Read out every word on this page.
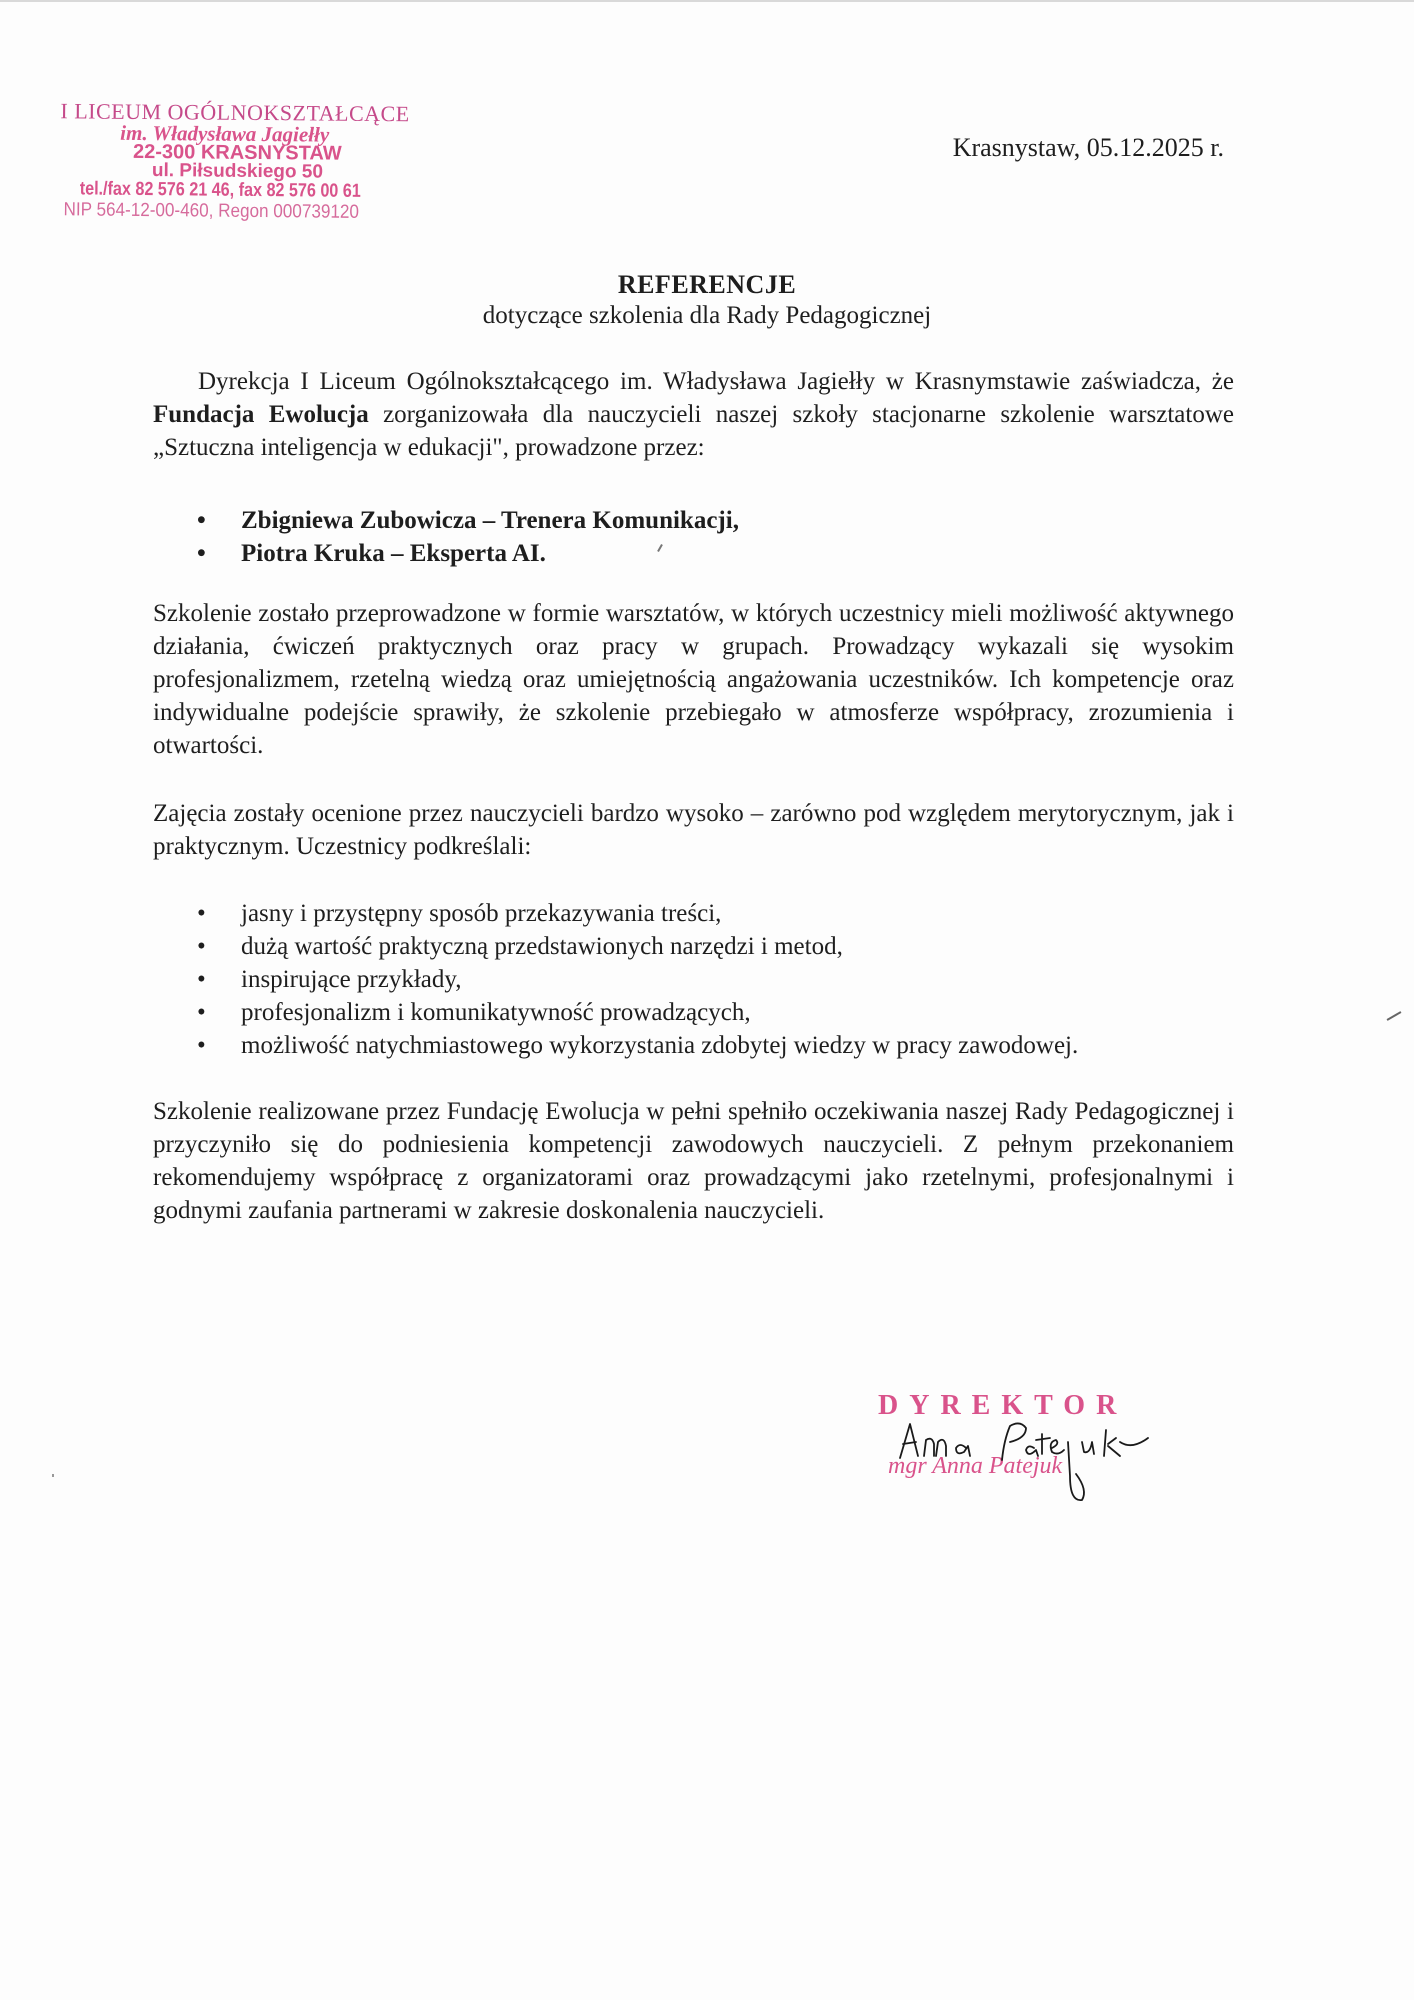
I LICEUM OGÓLNOKSZTAŁCĄCE
im. Władysława Jagiełły
22-300 KRASNYSTAW
ul. Piłsudskiego 50
tel./fax 82 576 21 46, fax 82 576 00 61
NIP 564-12-00-460, Regon 000739120
Krasnystaw, 05.12.2025 r.
REFERENCJE
dotyczące szkolenia dla Rady Pedagogicznej
Dyrekcja I Liceum Ogólnokształcącego im. Władysława Jagiełły w Krasnymstawie zaświadcza, że Fundacja Ewolucja zorganizowała dla nauczycieli naszej szkoły stacjonarne szkolenie warsztatowe „Sztuczna inteligencja w edukacji", prowadzone przez:
• Zbigniewa Zubowicza – Trenera Komunikacji,
• Piotra Kruka – Eksperta AI.
Szkolenie zostało przeprowadzone w formie warsztatów, w których uczestnicy mieli możliwość aktywnego działania, ćwiczeń praktycznych oraz pracy w grupach. Prowadzący wykazali się wysokim profesjonalizmem, rzetelną wiedzą oraz umiejętnością angażowania uczestników. Ich kompetencje oraz indywidualne podejście sprawiły, że szkolenie przebiegało w atmosferze współpracy, zrozumienia i otwartości.
Zajęcia zostały ocenione przez nauczycieli bardzo wysoko – zarówno pod względem merytorycznym, jak i praktycznym. Uczestnicy podkreślali:
• jasny i przystępny sposób przekazywania treści,
• dużą wartość praktyczną przedstawionych narzędzi i metod,
• inspirujące przykłady,
• profesjonalizm i komunikatywność prowadzących,
• możliwość natychmiastowego wykorzystania zdobytej wiedzy w pracy zawodowej.
Szkolenie realizowane przez Fundację Ewolucja w pełni spełniło oczekiwania naszej Rady Pedagogicznej i przyczyniło się do podniesienia kompetencji zawodowych nauczycieli. Z pełnym przekonaniem rekomendujemy współpracę z organizatorami oraz prowadzącymi jako rzetelnymi, profesjonalnymi i godnymi zaufania partnerami w zakresie doskonalenia nauczycieli.
DYREKTOR
mgr Anna Patejuk
